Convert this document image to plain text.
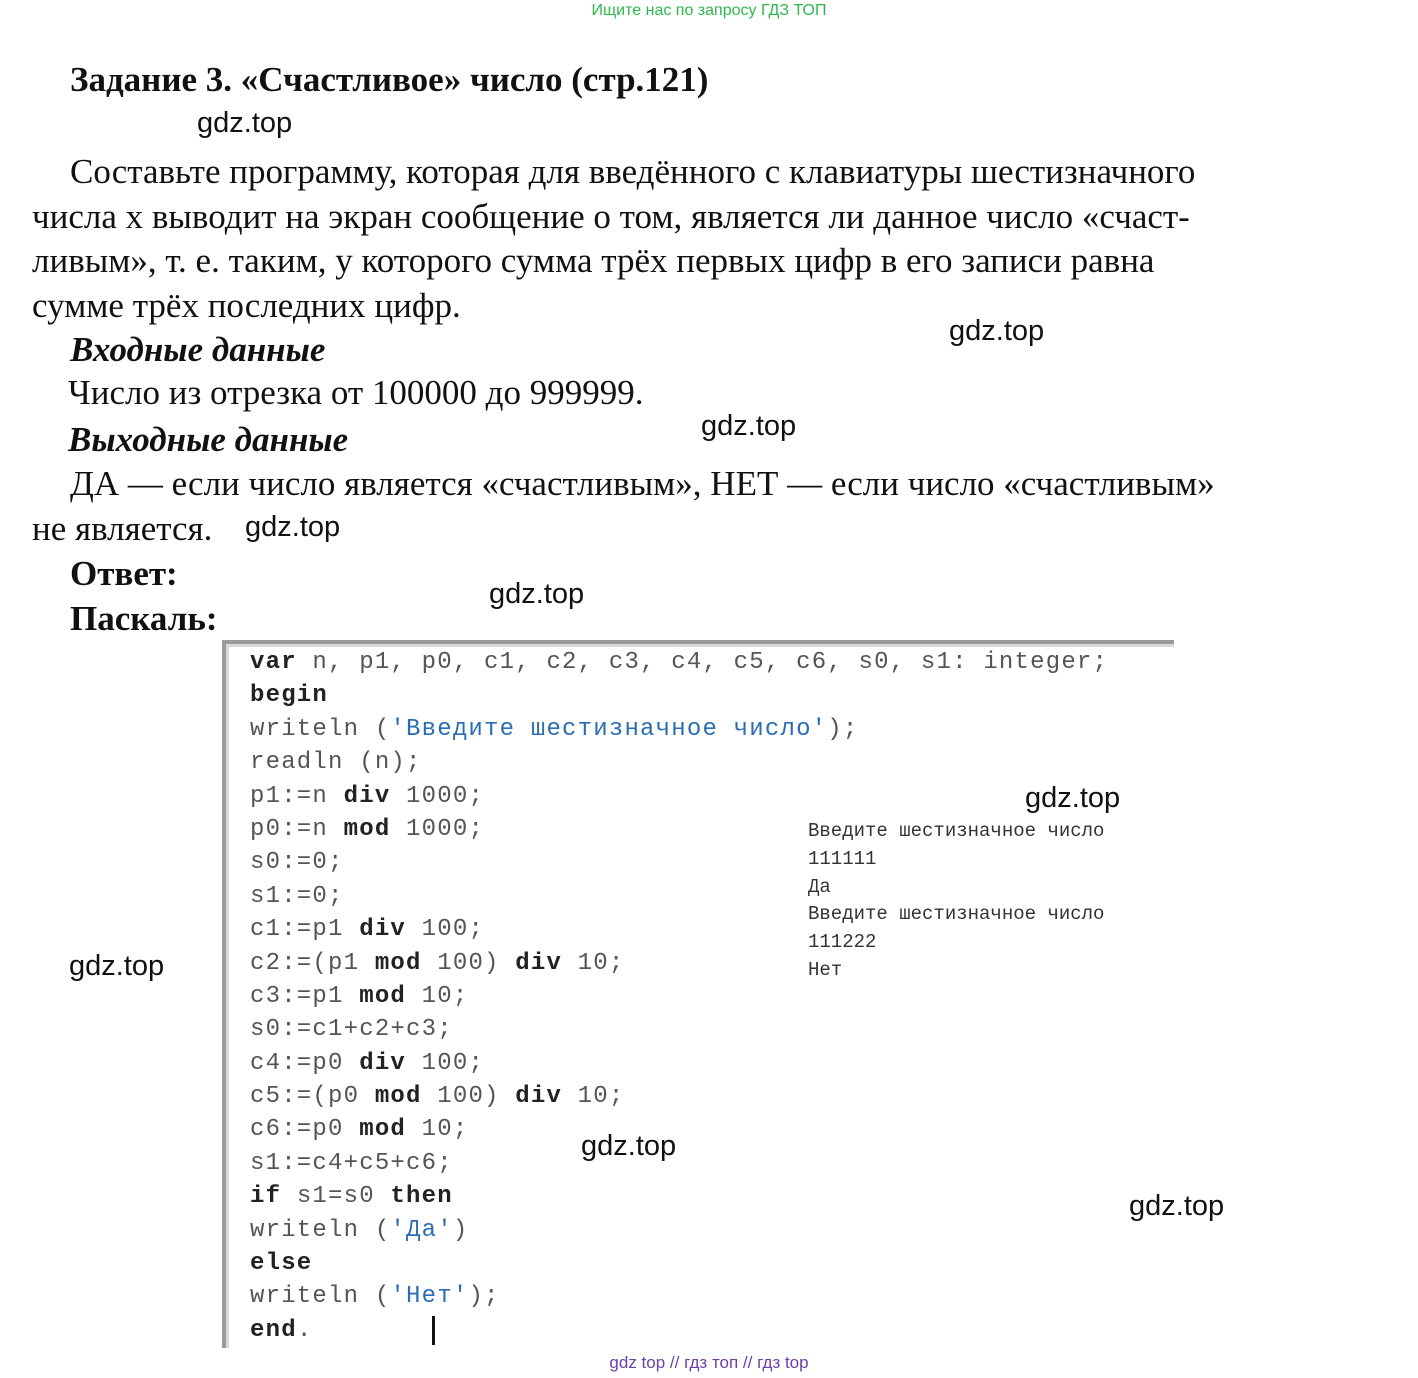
Ищите нас по запросу ГДЗ ТОП
Задание 3. «Счастливое» число (стр.121)
gdz.top
Составьте программу, которая для введённого с клавиатуры шестизначного
числа x выводит на экран сообщение о том, является ли данное число «счаст-
ливым», т. е. таким, у которого сумма трёх первых цифр в его записи равна
сумме трёх последних цифр.
gdz.top
Входные данные
Число из отрезка от 100000 до 999999.
gdz.top
Выходные данные
ДА — если число является «счастливым», НЕТ — если число «счастливым»
не является.	gdz.top
Ответ:
gdz.top
Паскаль:
var n, p1, p0, c1, c2, c3, c4, c5, c6, s0, s1: integer;
begin
writeln ('Введите шестизначное число');
readln (n);
p1:=n div 1000;
p0:=n mod 1000;
s0:=0;
s1:=0;
c1:=p1 div 100;
c2:=(p1 mod 100) div 10;
c3:=p1 mod 10;
s0:=c1+c2+c3;
c4:=p0 div 100;
c5:=(p0 mod 100) div 10;
c6:=p0 mod 10;
s1:=c4+c5+c6;
if s1=s0 then
writeln ('Да')
else
writeln ('Нет');
end.
gdz.top
Введите шестизначное число
111111
Да
Введите шестизначное число
111222
Нет
gdz.top
gdz.top
gdz.top
gdz top // гдз топ // гдз top
